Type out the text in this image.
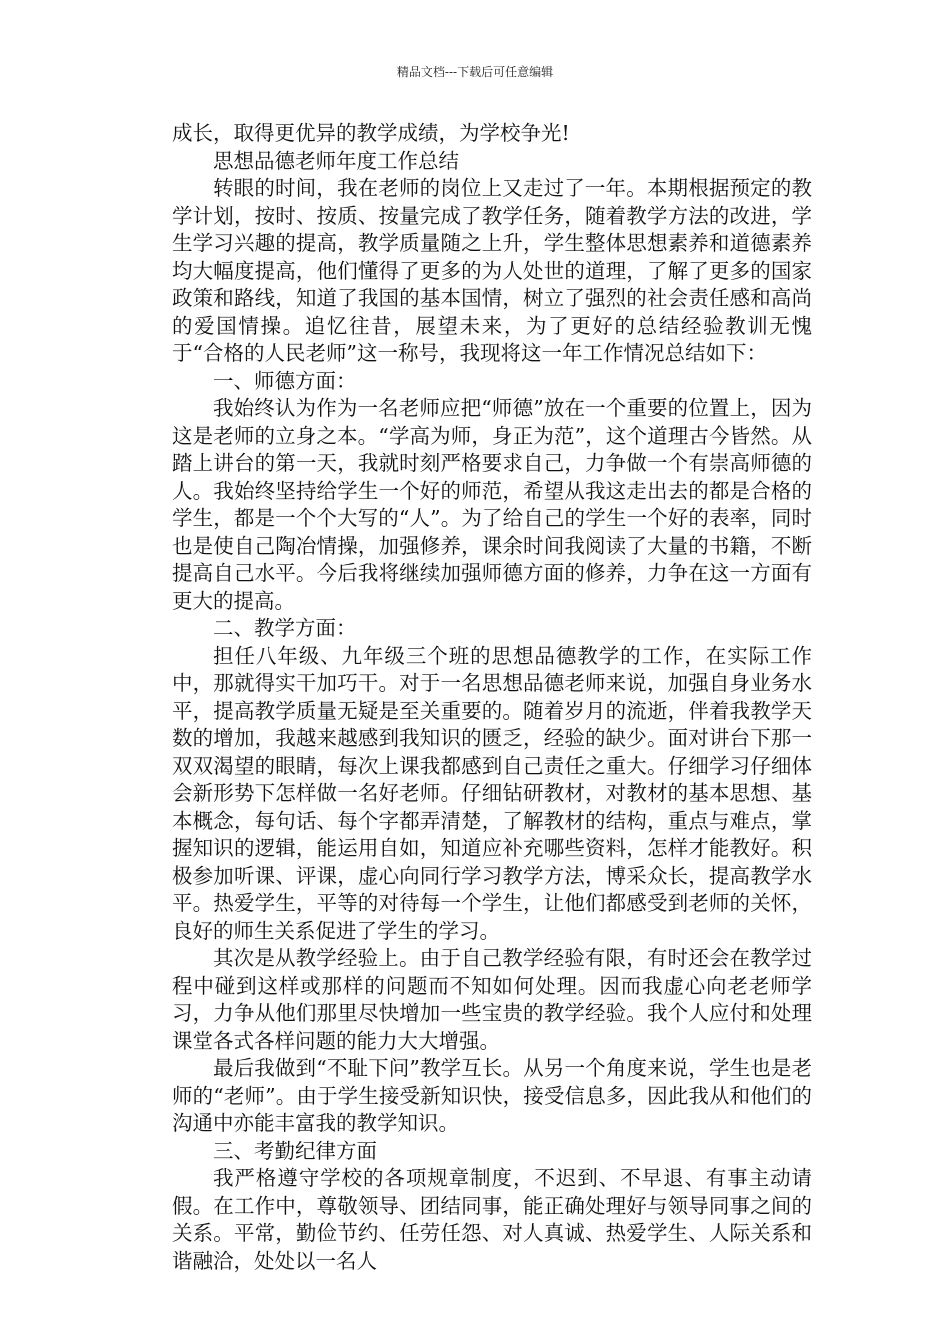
精品文档---下载后可任意编辑

成长，取得更优异的教学成绩，为学校争光!

思想品德老师年度工作总结

转眼的时间，我在老师的岗位上又走过了一年。本期根据预定的教学计划，按时、按质、按量完成了教学任务，随着教学方法的改进，学生学习兴趣的提高，教学质量随之上升，学生整体思想素养和道德素养均大幅度提高，他们懂得了更多的为人处世的道理，了解了更多的国家政策和路线，知道了我国的基本国情，树立了强烈的社会责任感和高尚的爱国情操。追忆往昔，展望未来，为了更好的总结经验教训无愧于“合格的人民老师”这一称号，我现将这一年工作情况总结如下：

一、师德方面：

我始终认为作为一名老师应把“师德”放在一个重要的位置上，因为这是老师的立身之本。“学高为师，身正为范”，这个道理古今皆然。从踏上讲台的第一天，我就时刻严格要求自己，力争做一个有崇高师德的人。我始终坚持给学生一个好的师范，希望从我这走出去的都是合格的学生，都是一个个大写的“人”。为了给自己的学生一个好的表率，同时也是使自己陶冶情操，加强修养，课余时间我阅读了大量的书籍，不断提高自己水平。今后我将继续加强师德方面的修养，力争在这一方面有更大的提高。

二、教学方面：

担任八年级、九年级三个班的思想品德教学的工作，在实际工作中，那就得实干加巧干。对于一名思想品德老师来说，加强自身业务水平，提高教学质量无疑是至关重要的。随着岁月的流逝，伴着我教学天数的增加，我越来越感到我知识的匮乏，经验的缺少。面对讲台下那一双双渴望的眼睛，每次上课我都感到自己责任之重大。仔细学习仔细体会新形势下怎样做一名好老师。仔细钻研教材，对教材的基本思想、基本概念，每句话、每个字都弄清楚，了解教材的结构，重点与难点，掌握知识的逻辑，能运用自如，知道应补充哪些资料，怎样才能教好。积极参加听课、评课，虚心向同行学习教学方法，博采众长，提高教学水平。热爱学生，平等的对待每一个学生，让他们都感受到老师的关怀，良好的师生关系促进了学生的学习。

其次是从教学经验上。由于自己教学经验有限，有时还会在教学过程中碰到这样或那样的问题而不知如何处理。因而我虚心向老老师学习，力争从他们那里尽快增加一些宝贵的教学经验。我个人应付和处理课堂各式各样问题的能力大大增强。

最后我做到“不耻下问”教学互长。从另一个角度来说，学生也是老师的“老师”。由于学生接受新知识快，接受信息多，因此我从和他们的沟通中亦能丰富我的教学知识。

三、考勤纪律方面

我严格遵守学校的各项规章制度，不迟到、不早退、有事主动请假。在工作中，尊敬领导、团结同事，能正确处理好与领导同事之间的关系。平常，勤俭节约、任劳任怨、对人真诚、热爱学生、人际关系和谐融洽，处处以一名人
